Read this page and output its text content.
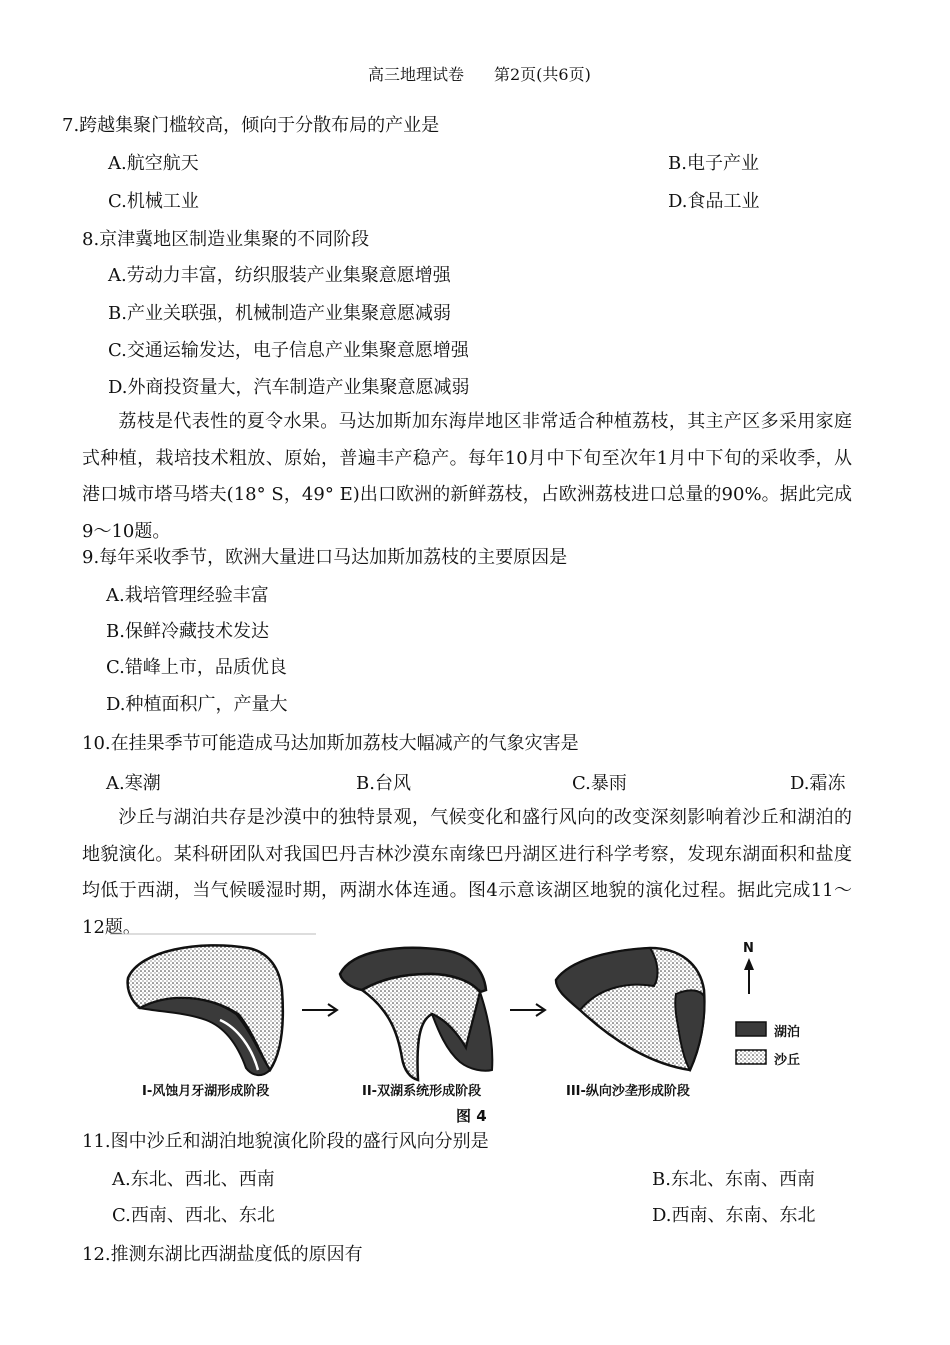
高三地理试卷 第2页(共6页)
7.跨越集聚门槛较高，倾向于分散布局的产业是
A.航空航天	B.电子产业
C.机械工业	D.食品工业
8.京津冀地区制造业集聚的不同阶段
A.劳动力丰富，纺织服装产业集聚意愿增强
B.产业关联强，机械制造产业集聚意愿减弱
C.交通运输发达，电子信息产业集聚意愿增强
D.外商投资量大，汽车制造产业集聚意愿减弱
荔枝是代表性的夏令水果。马达加斯加东海岸地区非常适合种植荔枝，其主产区多采用家庭式种植，栽培技术粗放、原始，普遍丰产稳产。每年10月中下旬至次年1月中下旬的采收季，从港口城市塔马塔夫(18° S，49° E)出口欧洲的新鲜荔枝，占欧洲荔枝进口总量的90%。据此完成9～10题。
9.每年采收季节，欧洲大量进口马达加斯加荔枝的主要原因是
A.栽培管理经验丰富
B.保鲜冷藏技术发达
C.错峰上市，品质优良
D.种植面积广，产量大
10.在挂果季节可能造成马达加斯加荔枝大幅减产的气象灾害是
A.寒潮	B.台风	C.暴雨	D.霜冻
沙丘与湖泊共存是沙漠中的独特景观，气候变化和盛行风向的改变深刻影响着沙丘和湖泊的地貌演化。某科研团队对我国巴丹吉林沙漠东南缘巴丹湖区进行科学考察，发现东湖面积和盐度均低于西湖，当气候暖湿时期，两湖水体连通。图4示意该湖区地貌的演化过程。据此完成11～12题。
N
湖泊
沙丘
I-风蚀月牙湖形成阶段	II-双湖系统形成阶段	III-纵向沙垄形成阶段
图 4
11.图中沙丘和湖泊地貌演化阶段的盛行风向分别是
A.东北、西北、西南	B.东北、东南、西南
C.西南、西北、东北	D.西南、东南、东北
12.推测东湖比西湖盐度低的原因有
